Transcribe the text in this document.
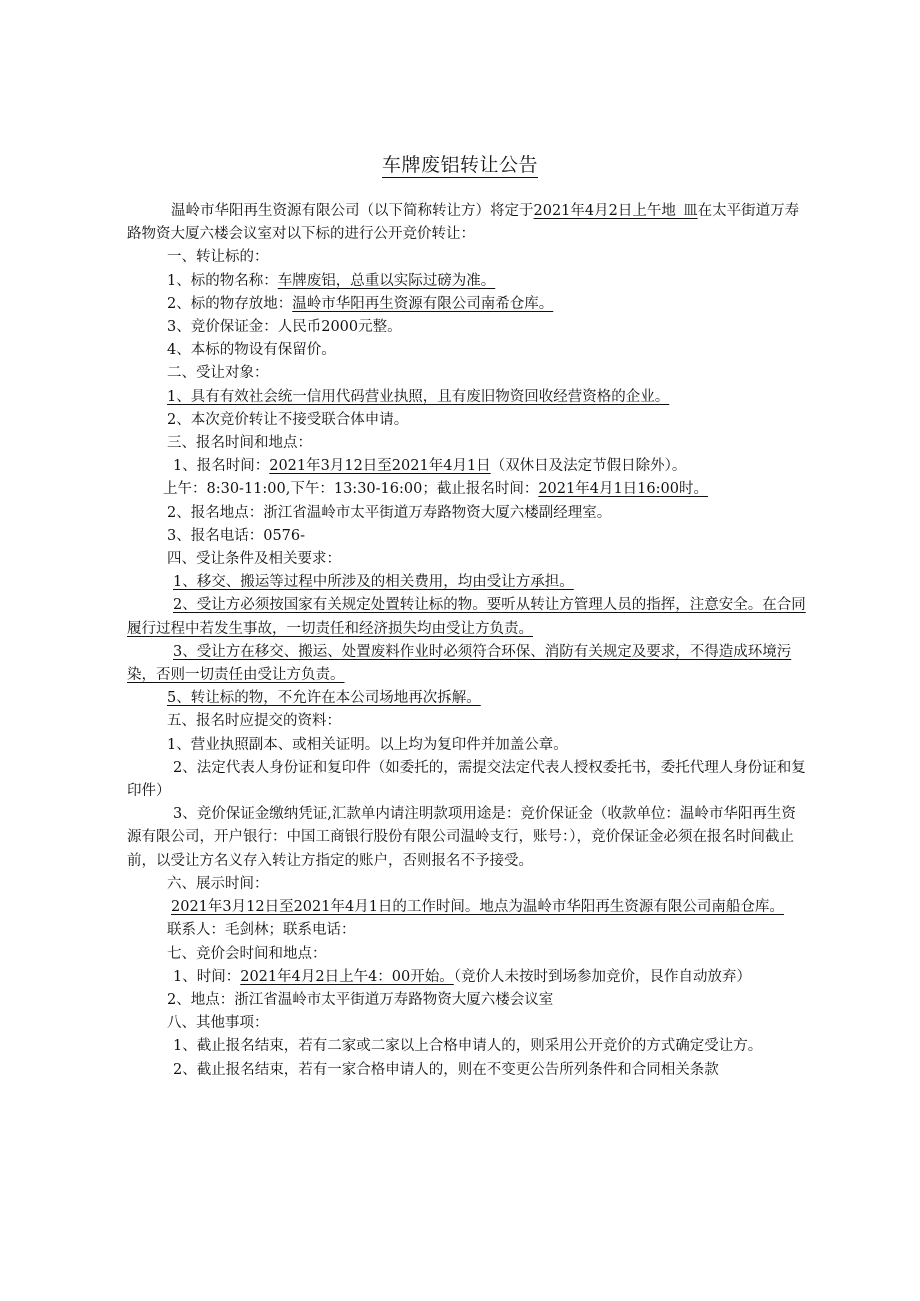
车牌废铝转让公告

温岭市华阳再生资源有限公司（以下简称转让方）将定于2021年4月2日上午地_皿在太平街道万寿路物资大厦六楼会议室对以下标的进行公开竞价转让：

一、转让标的：

1、标的物名称：车牌废铝，总重以实际过磅为准。

2、标的物存放地：温岭市华阳再生资源有限公司南希仓库。

3、竞价保证金：人民币2000元整。

4、本标的物设有保留价。

二、受让对象：

1、具有有效社会统一信用代码营业执照，且有废旧物资回收经营资格的企业。

2、本次竞价转让不接受联合体申请。

三、报名时间和地点：

1、报名时间：2021年3月12日至2021年4月1日（双休日及法定节假日除外）。

上午：8:30-11:00,下午：13:30-16:00；截止报名时间：2021年4月1日16:00时。

2、报名地点：浙江省温岭市太平街道万寿路物资大厦六楼副经理室。

3、报名电话：0576-

四、受让条件及相关要求：

1、移交、搬运等过程中所涉及的相关费用，均由受让方承担。

2、受让方必须按国家有关规定处置转让标的物。要听从转让方管理人员的指挥，注意安全。在合同履行过程中若发生事故，一切责任和经济损失均由受让方负责。

3、受让方在移交、搬运、处置废料作业时必须符合环保、消防有关规定及要求，不得造成环境污染，否则一切责任由受让方负责。

5、转让标的物，不允许在本公司场地再次拆解。

五、报名时应提交的资料：

1、营业执照副本、或相关证明。以上均为复印件并加盖公章。

2、法定代表人身份证和复印件（如委托的，需提交法定代表人授权委托书，委托代理人身份证和复印件）

3、竞价保证金缴纳凭证,汇款单内请注明款项用途是：竞价保证金（收款单位：温岭市华阳再生资源有限公司，开户银行：中国工商银行股份有限公司温岭支行，账号：），竞价保证金必须在报名时间截止前，以受让方名义存入转让方指定的账户，否则报名不予接受。

六、展示时间：

2021年3月12日至2021年4月1日的工作时间。地点为温岭市华阳再生资源有限公司南船仓库。

联系人：毛剑林；联系电话：

七、竞价会时间和地点：

1、时间：2021年4月2日上午4：00开始。（竞价人未按时到场参加竞价，艮作自动放弃）

2、地点：浙江省温岭市太平街道万寿路物资大厦六楼会议室

八、其他事项：

1、截止报名结束，若有二家或二家以上合格申请人的，则采用公开竞价的方式确定受让方。

2、截止报名结束，若有一家合格申请人的，则在不变更公告所列条件和合同相关条款
